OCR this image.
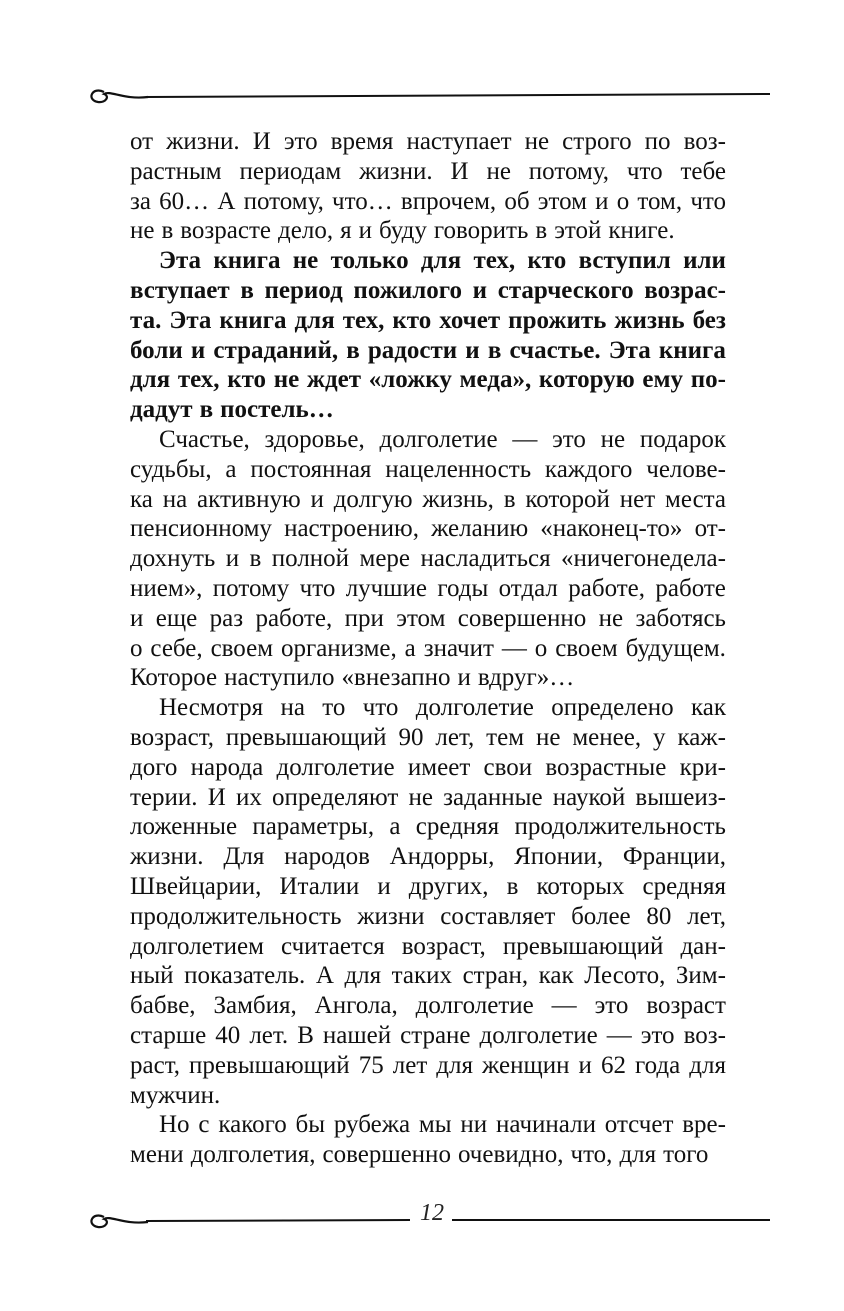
от жизни. И это время наступает не строго по воз-
растным периодам жизни. И не потому, что тебе
за 60… А потому, что… впрочем, об этом и о том, что
не в возрасте дело, я и буду говорить в этой книге.
Эта книга не только для тех, кто вступил или
вступает в период пожилого и старческого возрас-
та. Эта книга для тех, кто хочет прожить жизнь без
боли и страданий, в радости и в счастье. Эта книга
для тех, кто не ждет «ложку меда», которую ему по-
дадут в постель…
Счастье, здоровье, долголетие — это не подарок
судьбы, а постоянная нацеленность каждого челове-
ка на активную и долгую жизнь, в которой нет места
пенсионному настроению, желанию «наконец-то» от-
дохнуть и в полной мере насладиться «ничегонедела-
нием», потому что лучшие годы отдал работе, работе
и еще раз работе, при этом совершенно не заботясь
о себе, своем организме, а значит — о своем будущем.
Которое наступило «внезапно и вдруг»…
Несмотря на то что долголетие определено как
возраст, превышающий 90 лет, тем не менее, у каж-
дого народа долголетие имеет свои возрастные кри-
терии. И их определяют не заданные наукой вышеиз-
ложенные параметры, а средняя продолжительность
жизни. Для народов Андорры, Японии, Франции,
Швейцарии, Италии и других, в которых средняя
продолжительность жизни составляет более 80 лет,
долголетием считается возраст, превышающий дан-
ный показатель. А для таких стран, как Лесото, Зим-
бабве, Замбия, Ангола, долголетие — это возраст
старше 40 лет. В нашей стране долголетие — это воз-
раст, превышающий 75 лет для женщин и 62 года для
мужчин.
Но с какого бы рубежа мы ни начинали отсчет вре-
мени долголетия, совершенно очевидно, что, для того
12
